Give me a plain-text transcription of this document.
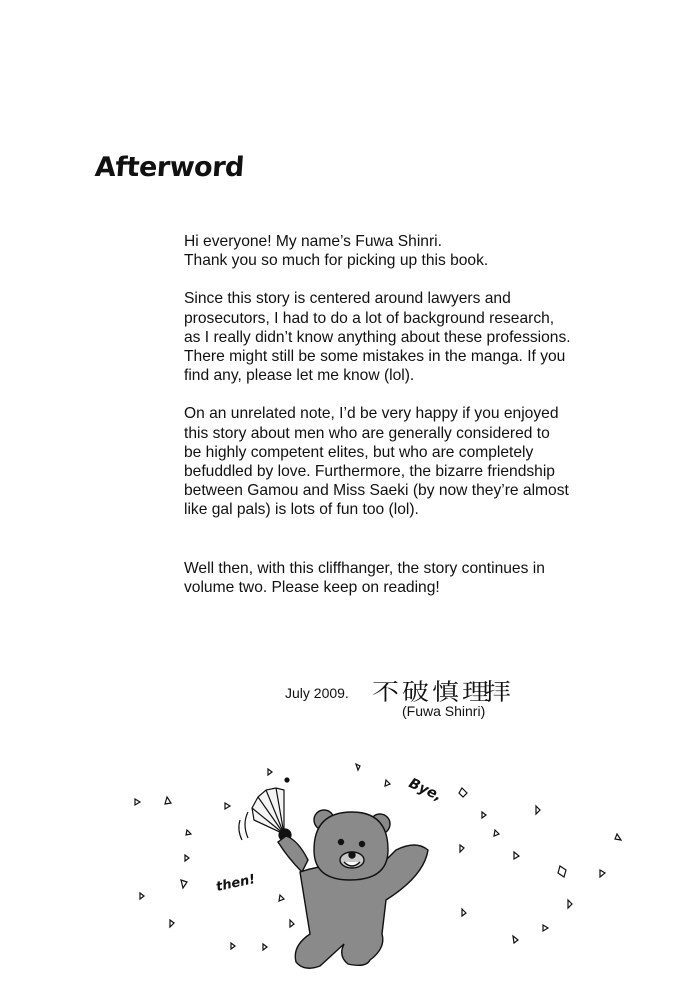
Afterword

Hi everyone! My name’s Fuwa Shinri.
Thank you so much for picking up this book.

Since this story is centered around lawyers and
prosecutors, I had to do a lot of background research,
as I really didn’t know anything about these professions.
There might still be some mistakes in the manga. If you
find any, please let me know (lol).

On an unrelated note, I’d be very happy if you enjoyed
this story about men who are generally considered to
be highly competent elites, but who are completely
befuddled by love. Furthermore, the bizarre friendship
between Gamou and Miss Saeki (by now they’re almost
like gal pals) is lots of fun too (lol).

Well then, with this cliffhanger, the story continues in
volume two. Please keep on reading!

July 2009. 不破慎理
拝
(Fuwa Shinri)
Bye,
then!
